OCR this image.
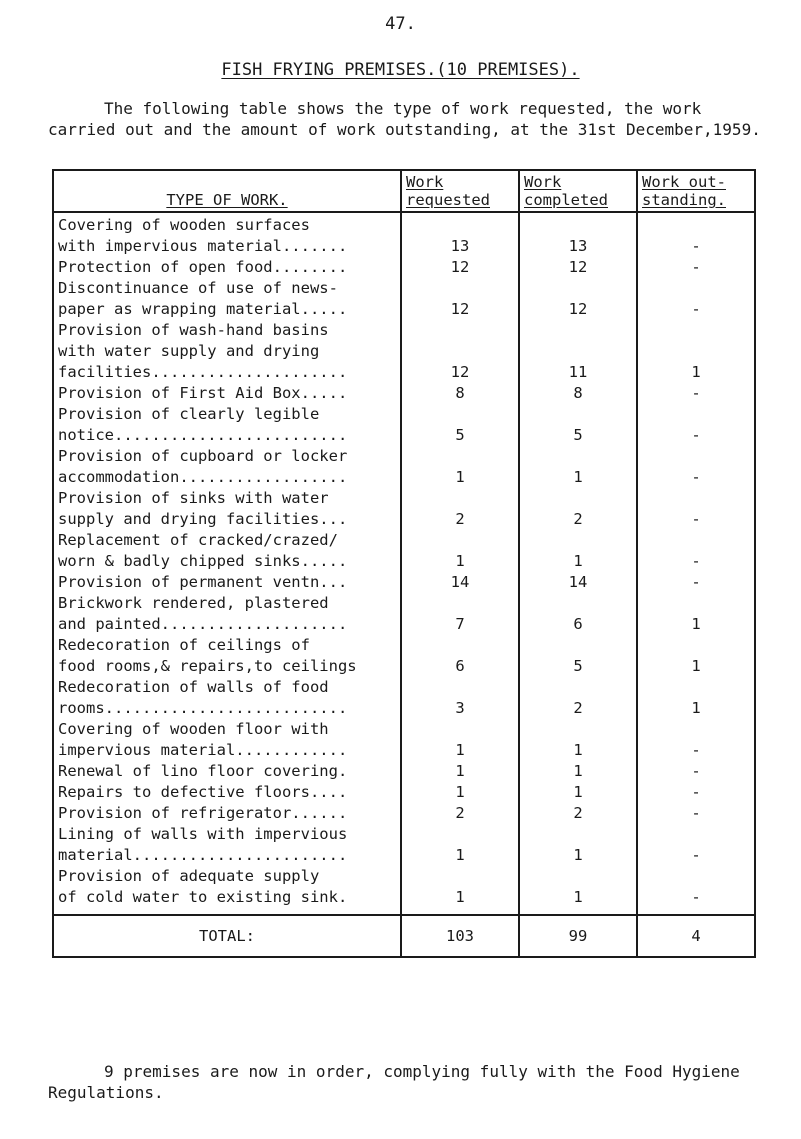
47.
FISH FRYING PREMISES.(10 PREMISES).
The following table shows the type of work requested, the work carried out and the amount of work outstanding, at the 31st December,1959.
TYPE OF WORK.	Work requested	Work completed	Work out-standing.
Covering of wooden surfaces
with impervious material.......	13	13	-
Protection of open food........	12	12	-
Discontinuance of use of news-
paper as wrapping material.....	12	12	-
Provision of wash-hand basins
with water supply and drying
facilities.....................	12	11	1
Provision of First Aid Box.....	8	8	-
Provision of clearly legible
notice.........................	5	5	-
Provision of cupboard or locker
accommodation..................	1	1	-
Provision of sinks with water
supply and drying facilities...	2	2	-
Replacement of cracked/crazed/
worn & badly chipped sinks.....	1	1	-
Provision of permanent ventn...	14	14	-
Brickwork rendered, plastered
and painted....................	7	6	1
Redecoration of ceilings of
food rooms,& repairs,to ceilings	6	5	1
Redecoration of walls of food
rooms..........................	3	2	1
Covering of wooden floor with
impervious material............	1	1	-
Renewal of lino floor covering.	1	1	-
Repairs to defective floors....	1	1	-
Provision of refrigerator......	2	2	-
Lining of walls with impervious
material.......................	1	1	-
Provision of adequate supply
of cold water to existing sink.	1	1	-
TOTAL:	103	99	4
9 premises are now in order, complying fully with the Food Hygiene Regulations.
